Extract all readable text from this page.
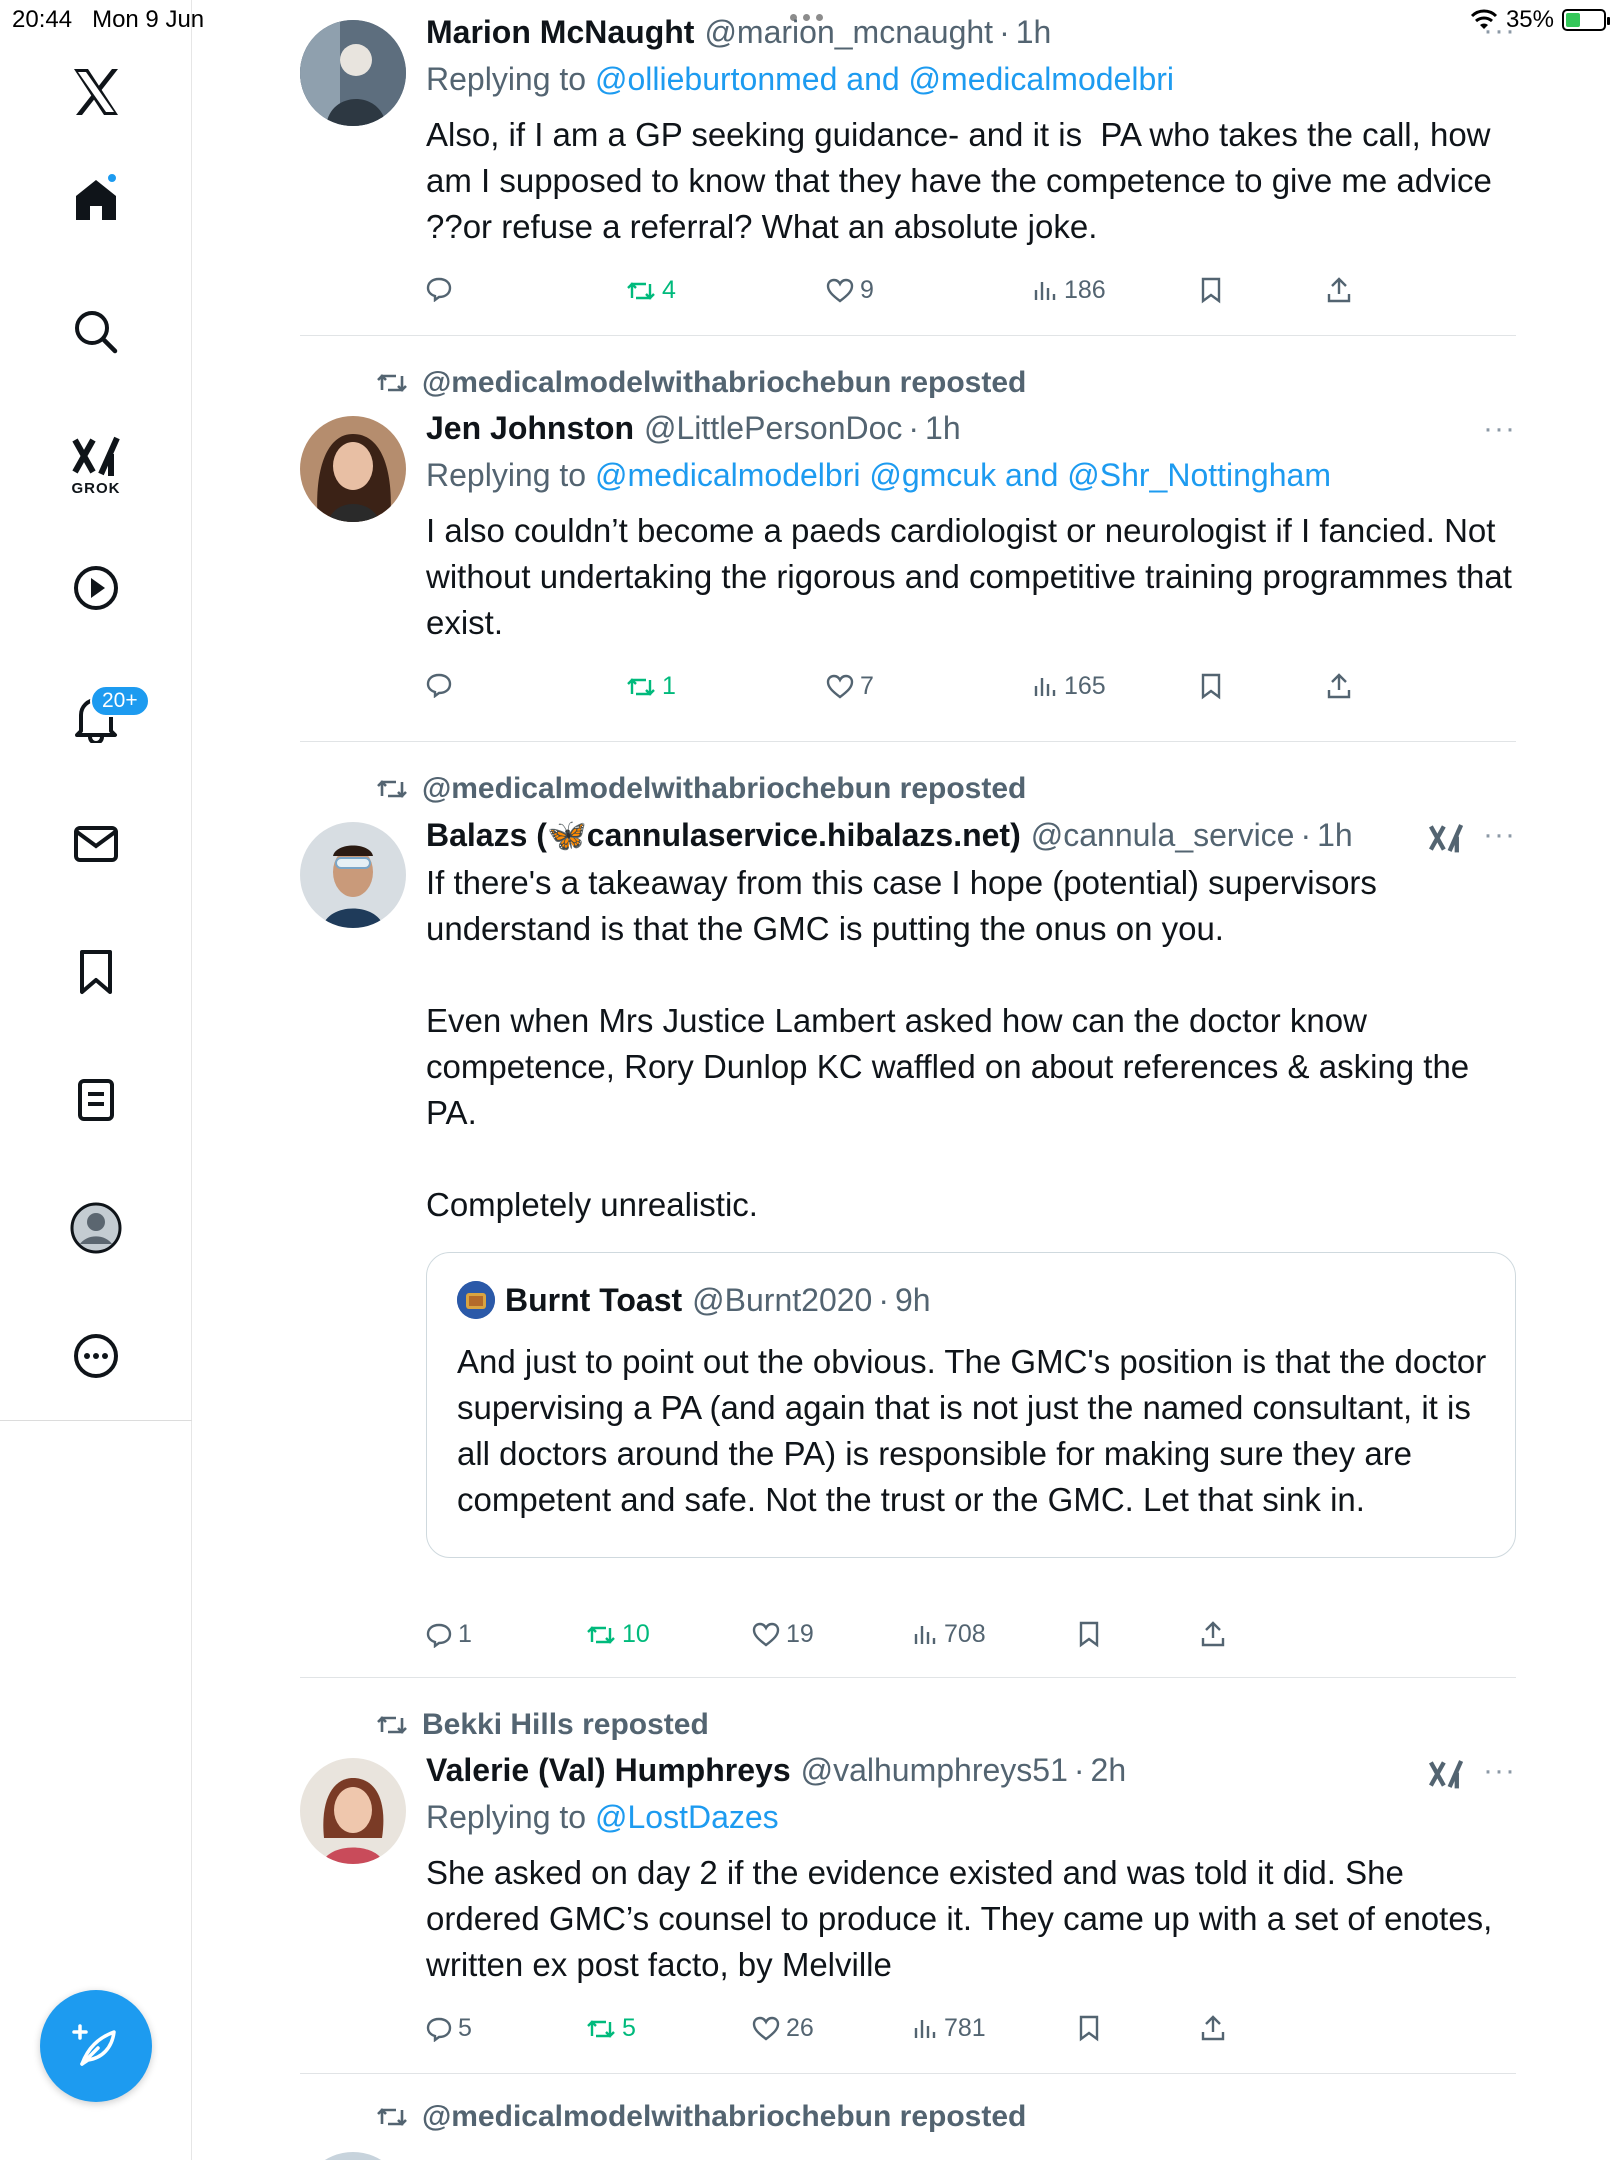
20:44 Mon 9 Jun	35%
GROK
20+
Marion McNaught @marion_mcnaught · 1h
Replying to @ollieburtonmed and @medicalmodelbri
Also, if I am a GP seeking guidance- and it is  PA who takes the call, how am I supposed to know that they have the competence to give me advice ??or refuse a referral? What an absolute joke.
···
4	9	186
@medicalmodelwithabriochebun reposted
Jen Johnston @LittlePersonDoc · 1h
Replying to @medicalmodelbri @gmcuk and @Shr_Nottingham
I also couldn’t become a paeds cardiologist or neurologist if I fancied. Not without undertaking the rigorous and competitive training programmes that exist.
···
1	7	165
@medicalmodelwithabriochebun reposted
Balazs (🦋cannulaservice.hibalazs.net) @cannula_service · 1h
If there's a takeaway from this case I hope (potential) supervisors understand is that the GMC is putting the onus on you.

Even when Mrs Justice Lambert asked how can the doctor know competence, Rory Dunlop KC waffled on about references & asking the PA.

Completely unrealistic.
···
Burnt Toast @Burnt2020 · 9h
And just to point out the obvious. The GMC's position is that the doctor supervising a PA (and again that is not just the named consultant, it is all doctors around the PA) is responsible for making sure they are competent and safe. Not the trust or the GMC. Let that sink in.
1	10	19	708
Bekki Hills reposted
Valerie (Val) Humphreys @valhumphreys51 · 2h
Replying to @LostDazes
She asked on day 2 if the evidence existed and was told it did. She ordered GMC’s counsel to produce it. They came up with a set of enotes, written ex post facto, by Melville
···
5	5	26	781
@medicalmodelwithabriochebun reposted
